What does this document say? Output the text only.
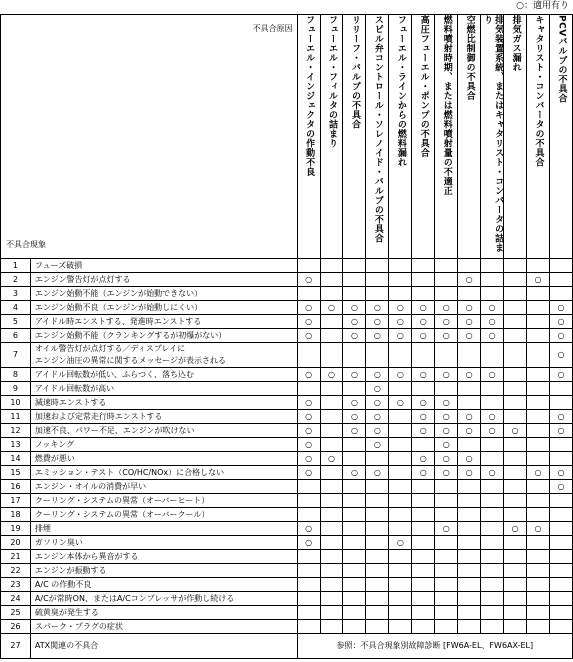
○：適用有り
不具合原因
不具合現象		フューエル・インジェクタの作動不良	フューエル・フィルタの詰まり	リリーフ・バルブの不具合	スピル弁コントロール・ソレノイド・バルブの不具合	フューエル・ラインからの燃料漏れ	高圧フューエル・ポンプの不具合	燃料噴射時期、または燃料噴射量の不適正	空燃比制御の不具合	排気装置系統、またはキャタリスト・コンバータの詰まり	排気ガス漏れ	キャタリスト・コンバータの不具合	PCVバルブの不具合

1	フューズ破損												
2	エンジン警告灯が点灯する	○							○			○	
3	エンジン始動不能（エンジンが始動できない）												
4	エンジン始動不良（エンジンが始動しにくい）	○	○	○	○	○	○	○	○	○			○
5	アイドル時エンストする、発進時エンストする	○		○	○	○	○	○	○	○			○
6	エンジン始動不能（クランキングするが初爆がない）	○		○	○	○	○	○	○	○			○
7	オイル警告灯が点灯する／ディスプレイに
エンジン油圧の異常に関するメッセージが表示される												○
8	アイドル回転数が低い、ふらつく、落ち込む	○	○	○	○	○	○	○	○	○			○
9	アイドル回転数が高い				○								
10	減速時エンストする	○		○	○	○	○	○					
11	加速および定常走行時エンストする	○		○	○		○	○	○	○			○
12	加速不良、パワー不足、エンジンが吹けない	○		○	○		○	○	○	○	○		○
13	ノッキング	○			○			○					
14	燃費が悪い	○	○				○	○	○				
15	エミッション・テスト（CO/HC/NOx）に合格しない	○		○	○		○	○	○	○		○	○
16	エンジン・オイルの消費が早い												○
17	クーリング・システムの異常（オーバーヒート）												
18	クーリング・システムの異常（オーバークール）												
19	排煙	○						○			○	○	
20	ガソリン臭い	○				○							
21	エンジン本体から異音がする												
22	エンジンが振動する												
23	A/C の作動不良												
24	A/Cが常時ON、またはA/Cコンプレッサが作動し続ける												
25	硫黄臭が発生する												
26	スパーク・プラグの症状												
27	ATX関連の不具合	参照：不具合現象別故障診断 [FW6A-EL、FW6AX-EL]											
